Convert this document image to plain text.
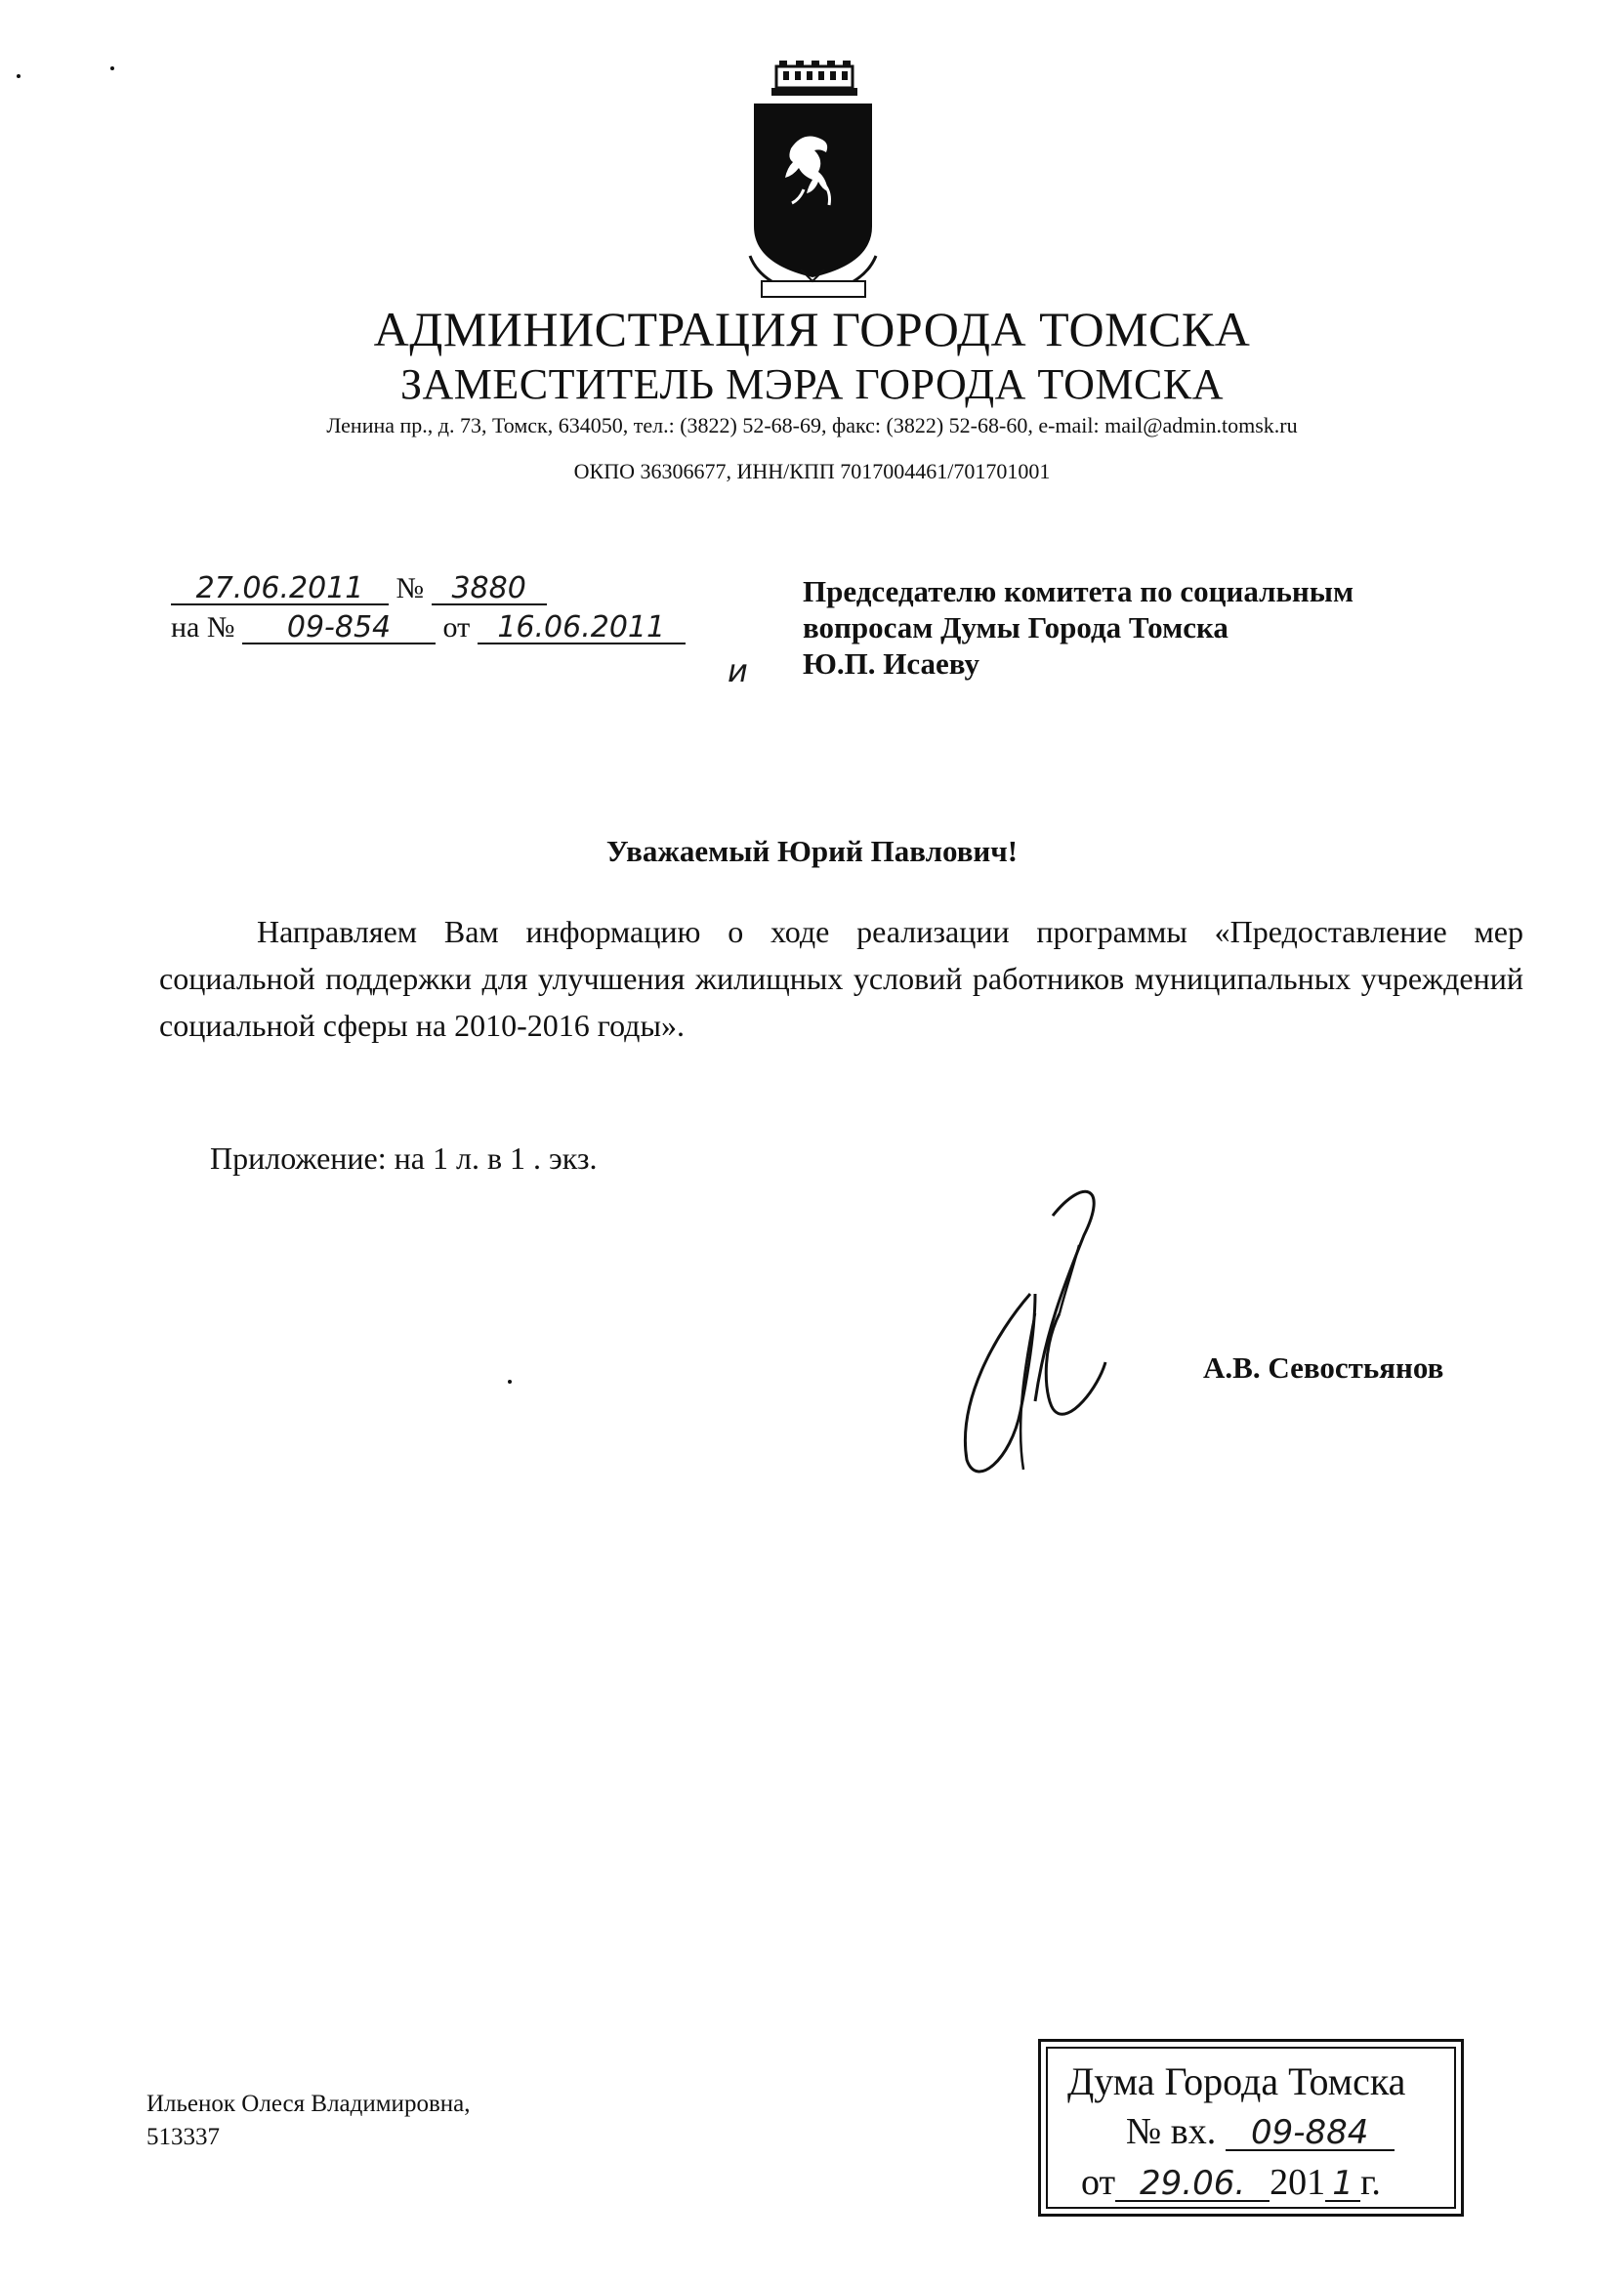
АДМИНИСТРАЦИЯ ГОРОДА ТОМСКА
ЗАМЕСТИТЕЛЬ МЭРА ГОРОДА ТОМСКА
Ленина пр., д. 73, Томск, 634050, тел.: (3822) 52-68-69, факс: (3822) 52-68-60, e-mail: mail@admin.tomsk.ru
ОКПО 36306677, ИНН/КПП 7017004461/701701001
27.06.2011 № 3880
на № 09-854 от 16.06.2011
Председателю комитета по социальным
вопросам Думы Города Томска
Ю.П. Исаеву
и
Уважаемый Юрий Павлович!
Направляем Вам информацию о ходе реализации программы «Предоставление мер социальной поддержки для улучшения жилищных условий работников муниципальных учреждений социальной сферы на 2010-2016 годы».
Приложение: на 1 л. в 1 . экз.
А.В. Севостьянов
Ильенок Олеся Владимировна,
513337
Дума Города Томска
№ вх. 09-884
от 29.06. 201 1 г.
